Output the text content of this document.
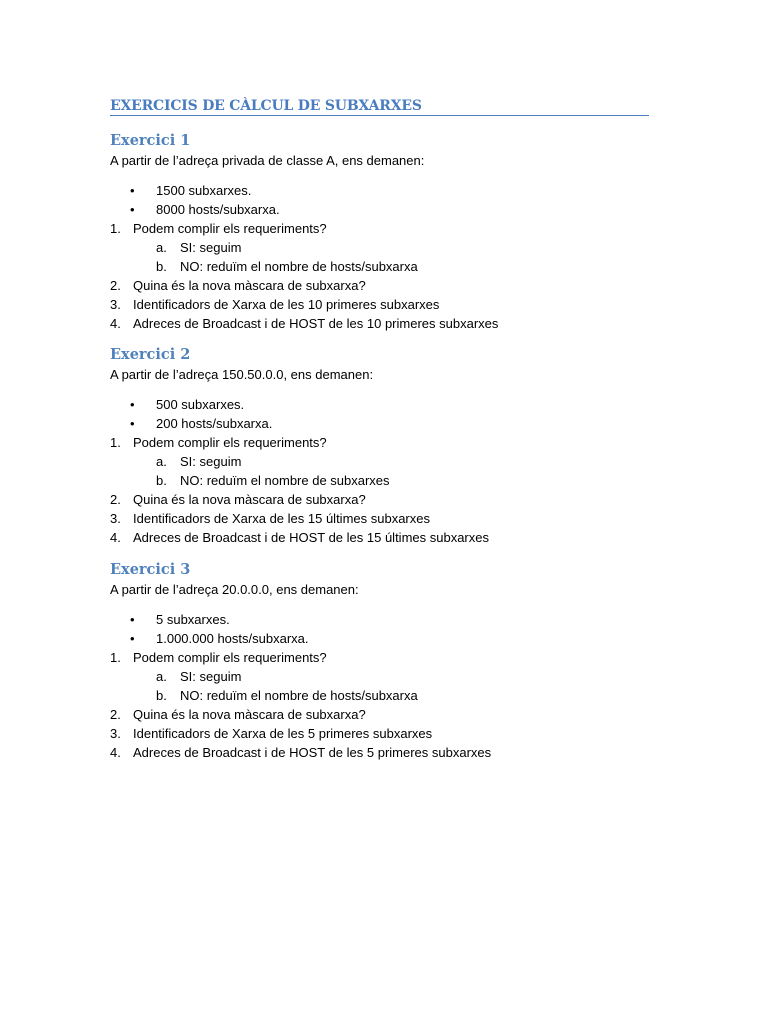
EXERCICIS DE CÀLCUL DE SUBXARXES
Exercici 1
A partir de l’adreça privada de classe A, ens demanen:
• 1500 subxarxes.
• 8000 hosts/subxarxa.
1. Podem complir els requeriments?
a. SI: seguim
b. NO: reduïm el nombre de hosts/subxarxa
2. Quina és la nova màscara de subxarxa?
3. Identificadors de Xarxa de les 10 primeres subxarxes
4. Adreces de Broadcast i de HOST de les 10 primeres subxarxes
Exercici 2
A partir de l’adreça 150.50.0.0, ens demanen:
• 500 subxarxes.
• 200 hosts/subxarxa.
1. Podem complir els requeriments?
a. SI: seguim
b. NO: reduïm el nombre de subxarxes
2. Quina és la nova màscara de subxarxa?
3. Identificadors de Xarxa de les 15 últimes subxarxes
4. Adreces de Broadcast i de HOST de les 15 últimes subxarxes
Exercici 3
A partir de l’adreça 20.0.0.0, ens demanen:
• 5 subxarxes.
• 1.000.000 hosts/subxarxa.
1. Podem complir els requeriments?
a. SI: seguim
b. NO: reduïm el nombre de hosts/subxarxa
2. Quina és la nova màscara de subxarxa?
3. Identificadors de Xarxa de les 5 primeres subxarxes
4. Adreces de Broadcast i de HOST de les 5 primeres subxarxes
